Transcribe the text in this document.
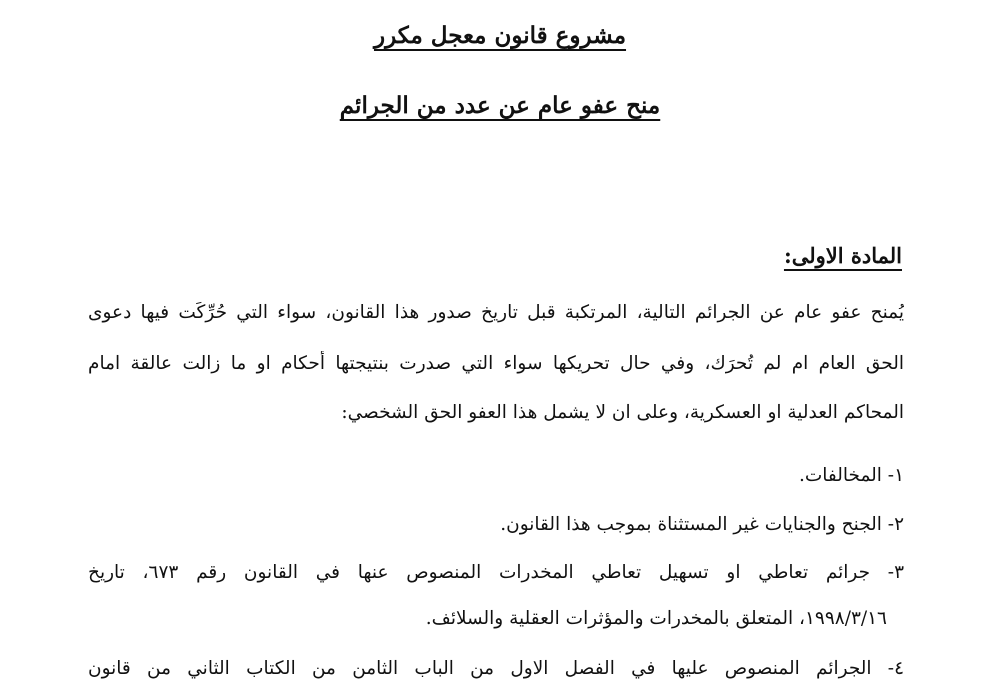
مشروع قانون معجل مكرر
منح عفو عام عن عدد من الجرائم
المادة الاولى:
يُمنح عفو عام عن الجرائم التالية، المرتكبة قبل تاريخ صدور هذا القانون، سواء التي حُرِّكَت فيها دعوى
الحق العام ام لم تُحرَك، وفي حال تحريكها سواء التي صدرت بنتيجتها أحكام او ما زالت عالقة امام
المحاكم العدلية او العسكرية، وعلى ان لا يشمل هذا العفو الحق الشخصي:
١- المخالفات.
٢- الجنح والجنايات غير المستثناة بموجب هذا القانون.
٣- جرائم تعاطي او تسهيل تعاطي المخدرات المنصوص عنها في القانون رقم ٦٧٣، تاريخ
١٩٩٨/٣/١٦، المتعلق بالمخدرات والمؤثرات العقلية والسلائف.
٤- الجرائم المنصوص عليها في الفصل الاول من الباب الثامن من الكتاب الثاني من قانون
